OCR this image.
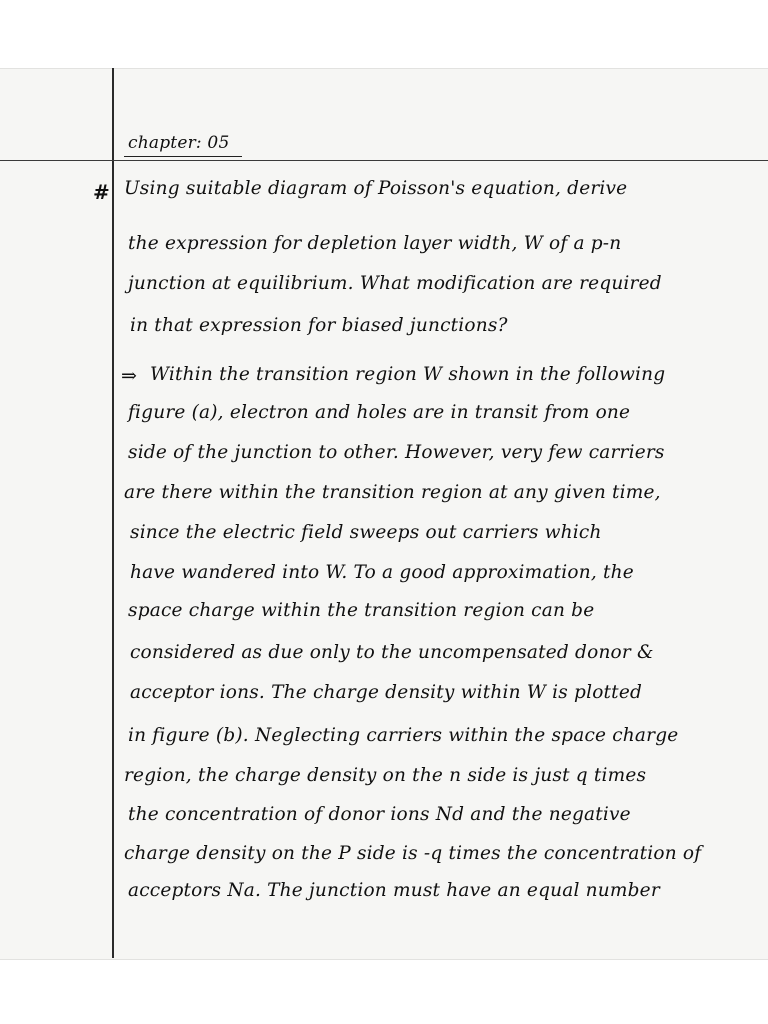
chapter: 05
# Using suitable diagram of Poisson's equation, derive
the expression for depletion layer width, W of a p-n
junction at equilibrium. What modification are required
in that expression for biased junctions?
⇒ Within the transition region W shown in the following
figure (a), electron and holes are in transit from one
side of the junction to other. However, very few carriers
are there within the transition region at any given time,
since the electric field sweeps out carriers which
have wandered into W. To a good approximation, the
space charge within the transition region can be
considered as due only to the uncompensated donor &
acceptor ions. The charge density within W is plotted
in figure (b). Neglecting carriers within the space charge
region, the charge density on the n side is just q times
the concentration of donor ions Nd and the negative
charge density on the P side is -q times the concentration of
acceptors Na. The junction must have an equal number
